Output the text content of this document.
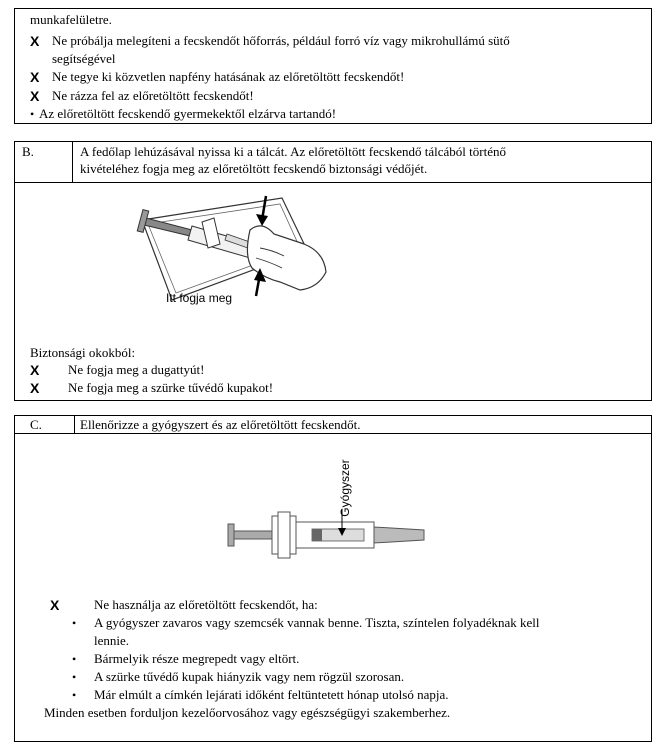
munkafelületre.
X Ne próbálja melegíteni a fecskendőt hőforrás, például forró víz vagy mikrohullámú sütő
segítségével
X Ne tegye ki közvetlen napfény hatásának az előretöltött fecskendőt!
X Ne rázza fel az előretöltött fecskendőt!
• Az előretöltött fecskendő gyermekektől elzárva tartandó!
B.	A fedőlap lehúzásával nyissa ki a tálcát. Az előretöltött fecskendő tálcából történő
kivételéhez fogja meg az előretöltött fecskendő biztonsági védőjét.
Itt fogja meg
Biztonsági okokból:
X Ne fogja meg a dugattyút!
X Ne fogja meg a szürke tűvédő kupakot!
C.	Ellenőrizze a gyógyszert és az előretöltött fecskendőt.
Gyógyszer
X	Ne használja az előretöltött fecskendőt, ha:
• A gyógyszer zavaros vagy szemcsék vannak benne. Tiszta, színtelen folyadéknak kell
lennie.
• Bármelyik része megrepedt vagy eltört.
• A szürke tűvédő kupak hiányzik vagy nem rögzül szorosan.
• Már elmúlt a címkén lejárati időként feltüntetett hónap utolsó napja.
Minden esetben forduljon kezelőorvosához vagy egészségügyi szakemberhez.
